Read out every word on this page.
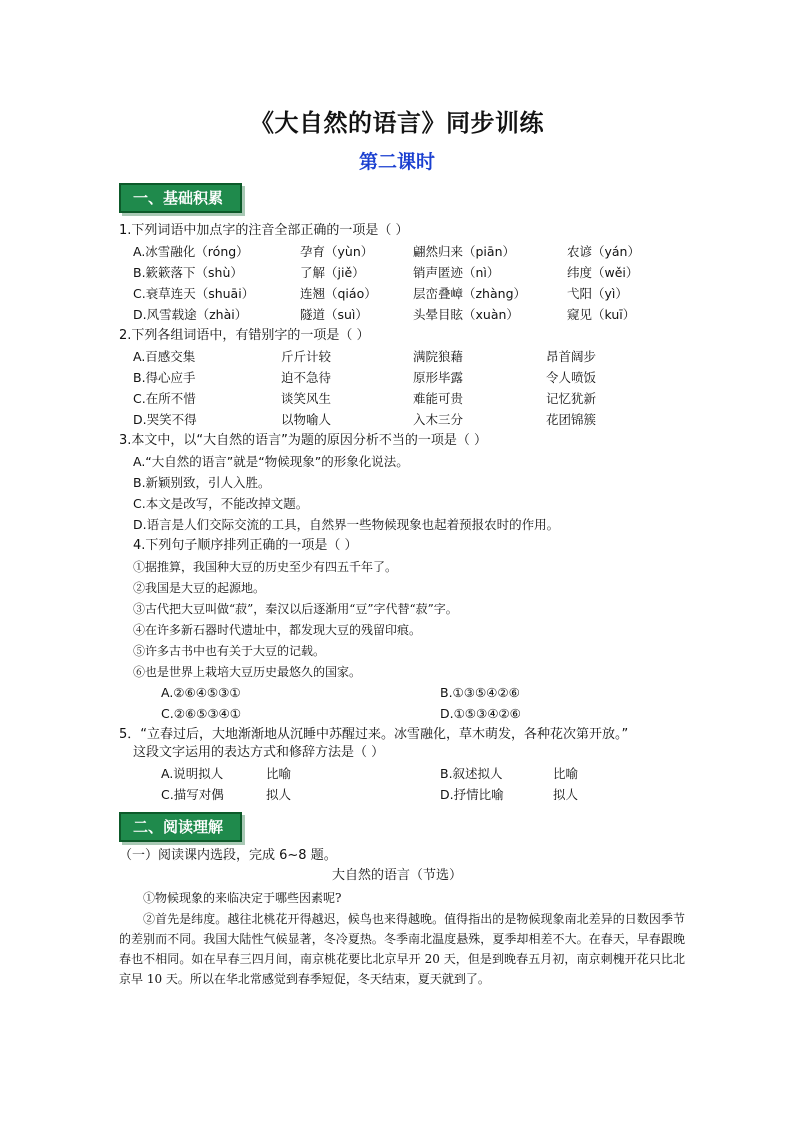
《大自然的语言》同步训练
第二课时
一、基础积累
1.下列词语中加点字的注音全部正确的一项是（ ）
A.冰雪融化（róng）	孕育（yùn）	翩然归来（piān）	农谚（yán）
B.簌簌落下（shù）	了解（jiě）	销声匿迹（nì）	纬度（wěi）
C.衰草连天（shuāi）	连翘（qiáo）	层峦叠嶂（zhàng）	弋阳（yì）
D.风雪载途（zhài）	隧道（suì）	头晕目眩（xuàn）	窥见（kuī）
2.下列各组词语中，有错别字的一项是（ ）
A.百感交集	斤斤计较	满院狼藉	昂首阔步
B.得心应手	迫不急待	原形毕露	令人喷饭
C.在所不惜	谈笑风生	难能可贵	记忆犹新
D.哭笑不得	以物喻人	入木三分	花团锦簇
3.本文中，以“大自然的语言”为题的原因分析不当的一项是（ ）
A.“大自然的语言”就是“物候现象”的形象化说法。
B.新颖别致，引人入胜。
C.本文是改写，不能改掉文题。
D.语言是人们交际交流的工具，自然界一些物候现象也起着预报农时的作用。
4.下列句子顺序排列正确的一项是（ ）
①据推算，我国种大豆的历史至少有四五千年了。
②我国是大豆的起源地。
③古代把大豆叫做“菽”，秦汉以后逐渐用“豆”字代替“菽”字。
④在许多新石器时代遗址中，都发现大豆的残留印痕。
⑤许多古书中也有关于大豆的记载。
⑥也是世界上栽培大豆历史最悠久的国家。
A.②⑥④⑤③①	B.①③⑤④②⑥
C.②⑥⑤③④①	D.①⑤③④②⑥
5．“立春过后，大地渐渐地从沉睡中苏醒过来。冰雪融化，草木萌发，各种花次第开放。”
这段文字运用的表达方式和修辞方法是（ ）
A.说明拟人	比喻	B.叙述拟人	比喻
C.描写对偶	拟人	D.抒情比喻	拟人
二、阅读理解
（一）阅读课内选段，完成 6~8 题。
大自然的语言（节选）
①物候现象的来临决定于哪些因素呢?
②首先是纬度。越往北桃花开得越迟，候鸟也来得越晚。值得指出的是物候现象南北差异的日数因季节的差别而不同。我国大陆性气候显著，冬冷夏热。冬季南北温度悬殊，夏季却相差不大。在春天，早春跟晚春也不相同。如在早春三四月间，南京桃花要比北京早开 20 天，但是到晚春五月初，南京刺槐开花只比北京早 10 天。所以在华北常感觉到春季短促，冬天结束，夏天就到了。
